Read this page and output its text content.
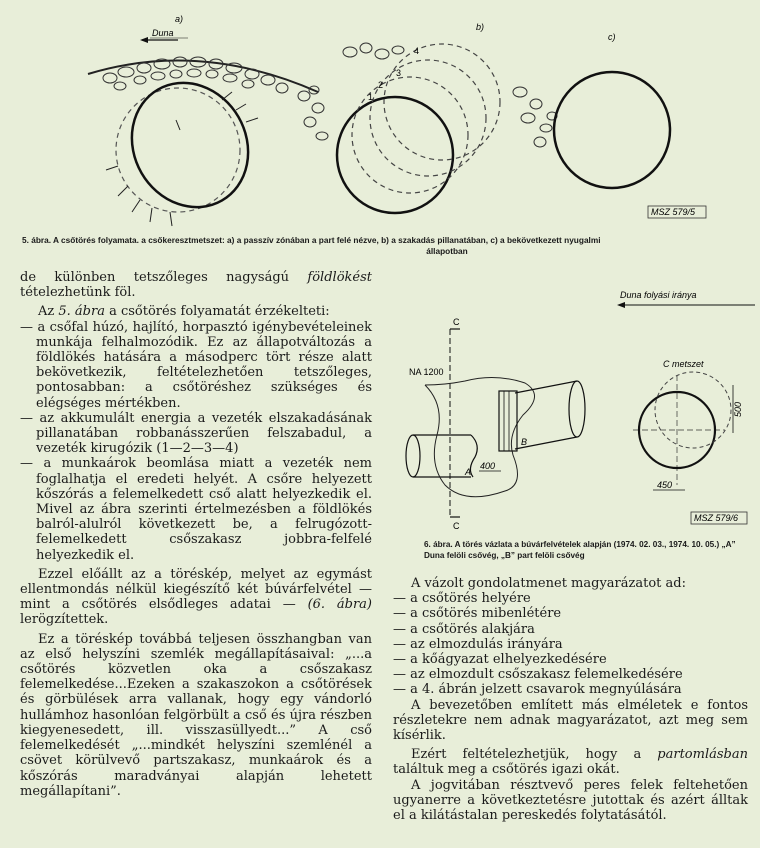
a)
Duna
b)
1
2
3
4
c)
MSZ 579/5
5. ábra. A csőtörés folyamata. a csőkeresztmetszet: a) a passzív zónában a part felé nézve, b) a szakadás pillanatában, c) a bekövetkezett nyugalmi
állapotban

de különben tetszőleges nagyságú földlökést tételezhetünk föl.

Az 5. ábra a csőtörés folyamatát érzékelteti:

— a csőfal húzó, hajlító, horpasztó igénybevételeinek munkája felhalmozódik. Ez az állapotváltozás a földlökés hatására a másodperc tört része alatt bekövetkezik, feltételezhetően tetszőleges, pontosabban: a csőtöréshez szükséges és elégséges mértékben.

— az akkumulált energia a vezeték elszakadásának pillanatában robbanásszerűen felszabadul, a vezeték kirugózik (1—2—3—4)

— a munkaárok beomlása miatt a vezeték nem foglalhatja el eredeti helyét. A csőre helyezett kőszórás a felemelkedett cső alatt helyezkedik el. Mivel az ábra szerinti értelmezésben a földlökés balról-alulról következett be, a felrugózott-felemelkedett csőszakasz jobbra-felfelé helyezkedik el.

Ezzel előállt az a töréskép, melyet az egymást ellentmondás nélkül kiegészítő két búvárfelvétel — mint a csőtörés elsődleges adatai — (6. ábra) lerögzítettek.

Ez a töréskép továbbá teljesen összhangban van az első helyszíni szemlék megállapításaival: „...a csőtörés közvetlen oka a csőszakasz felemelkedése...Ezeken a szakaszokon a csőtörések és görbülések arra vallanak, hogy egy vándorló hullámhoz hasonlóan felgörbült a cső és újra részben kiegyenesedett, ill. visszasüllyedt...” A cső felemelkedését „...mindkét helyszíni szemlénél a csövet körülvevő partszakasz, munkaárok és a kőszórás maradványai alapján lehetett megállapítani”.

Duna folyási iránya
C metszet
C
C
NA 1200
A
B
400
500
450
MSZ 579/6
6. ábra. A törés vázlata a búvárfelvételek alapján (1974. 02. 03., 1974. 10. 05.) „A” Duna felöli csővég, „B” part felöli csővég

A vázolt gondolatmenet magyarázatot ad:

— a csőtörés helyére

— a csőtörés mibenlétére

— a csőtörés alakjára

— az elmozdulás irányára

— a kőágyazat elhelyezkedésére

— az elmozdult csőszakasz felemelkedésére

— a 4. ábrán jelzett csavarok megnyúlására

A bevezetőben említett más elméletek e fontos részletekre nem adnak magyarázatot, azt meg sem kísérlik.

Ezért feltételezhetjük, hogy a partomlásban találtuk meg a csőtörés igazi okát.

A jogvitában résztvevő peres felek feltehetően ugyanerre a következtetésre jutottak és azért álltak el a kilátástalan pereskedés folytatásától.
